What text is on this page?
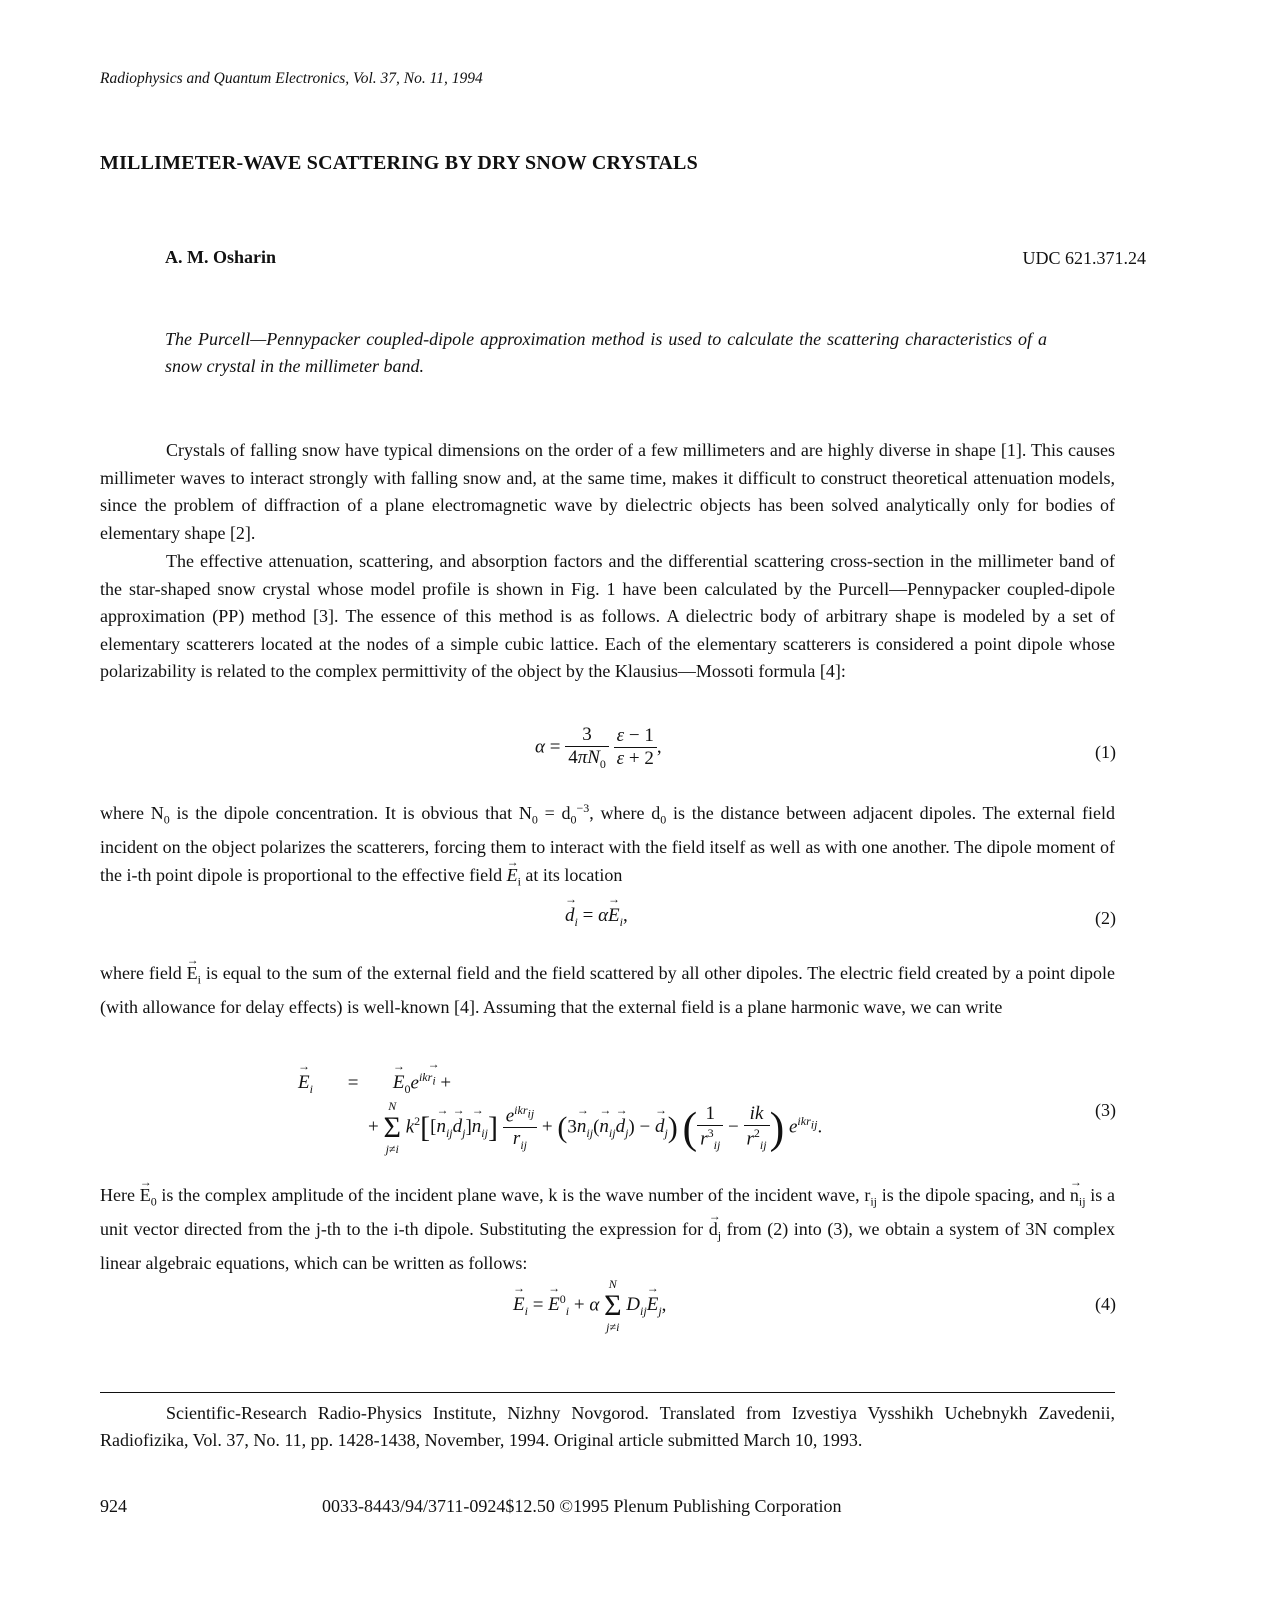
Radiophysics and Quantum Electronics, Vol. 37, No. 11, 1994
MILLIMETER-WAVE SCATTERING BY DRY SNOW CRYSTALS
A. M. Osharin	UDC 621.371.24
The Purcell—Pennypacker coupled-dipole approximation method is used to calculate the scattering characteristics of a snow crystal in the millimeter band.
Crystals of falling snow have typical dimensions on the order of a few millimeters and are highly diverse in shape [1]. This causes millimeter waves to interact strongly with falling snow and, at the same time, makes it difficult to construct theoretical attenuation models, since the problem of diffraction of a plane electromagnetic wave by dielectric objects has been solved analytically only for bodies of elementary shape [2].
The effective attenuation, scattering, and absorption factors and the differential scattering cross-section in the millimeter band of the star-shaped snow crystal whose model profile is shown in Fig. 1 have been calculated by the Purcell—Pennypacker coupled-dipole approximation (PP) method [3]. The essence of this method is as follows. A dielectric body of arbitrary shape is modeled by a set of elementary scatterers located at the nodes of a simple cubic lattice. Each of the elementary scatterers is considered a point dipole whose polarizability is related to the complex permittivity of the object by the Klausius—Mossoti formula [4]:
$\alpha = \frac{3}{4\pi N_0}$
$\frac{\varepsilon - 1}{\varepsilon + 2}$ ,	(1)
where $N_0$ is the dipole concentration. It is obvious that $N_0 = d_0^{-3}$, where $d_0$ is the distance between adjacent dipoles. The external field incident on the object polarizes the scatterers, forcing them to interact with the field itself as well as with one another. The dipole moment of the i-th point dipole is proportional to the effective field → $E_i$ at its location
→ $d_i = \alpha\to E_i$,	(2)
where field → $E_i$ is equal to the sum of the external field and the field scattered by all other dipoles. The electric field created by a point dipole (with allowance for delay effects) is well-known [4]. Assuming that the external field is a plane harmonic wave, we can write
→ $E_i$ =  → $E_0e^{ik\to r_i}$ +
+
N
Σ
j≠i
$k^2[[\to n_{ij}\to d_j]\to n_{ij}] \frac{e^{ikr_{ij}}}{r_{ij}} + (3\to n_{ij}(\to n_{ij}\to d_j)$ − → $d_j$) ( $\frac{1}{r^3_{ij}} - \frac{ik}{r^2_{ij}}$ ) $e^{ikr_{ij}}$.
(3)
Here → $E_0$ is the complex amplitude of the incident plane wave, k is the wave number of the incident wave, $r_{ij}$ is the dipole spacing, and → $n_{ij}$ is a unit vector directed from the j-th to the i-th dipole. Substituting the expression for → $d_j$ from (2) into (3), we obtain a system of 3N complex linear algebraic equations, which can be written as follows:
→ $E_i$ = → $E^0_i + \alpha$
N
Σ
j≠i
$D_{ij}\to E_j$,	(4)
Scientific-Research Radio-Physics Institute, Nizhny Novgorod. Translated from Izvestiya Vysshikh Uchebnykh Zavedenii, Radiofizika, Vol. 37, No. 11, pp. 1428-1438, November, 1994. Original article submitted March 10, 1993.
924	0033-8443/94/3711-0924$12.50 ©1995 Plenum Publishing Corporation
